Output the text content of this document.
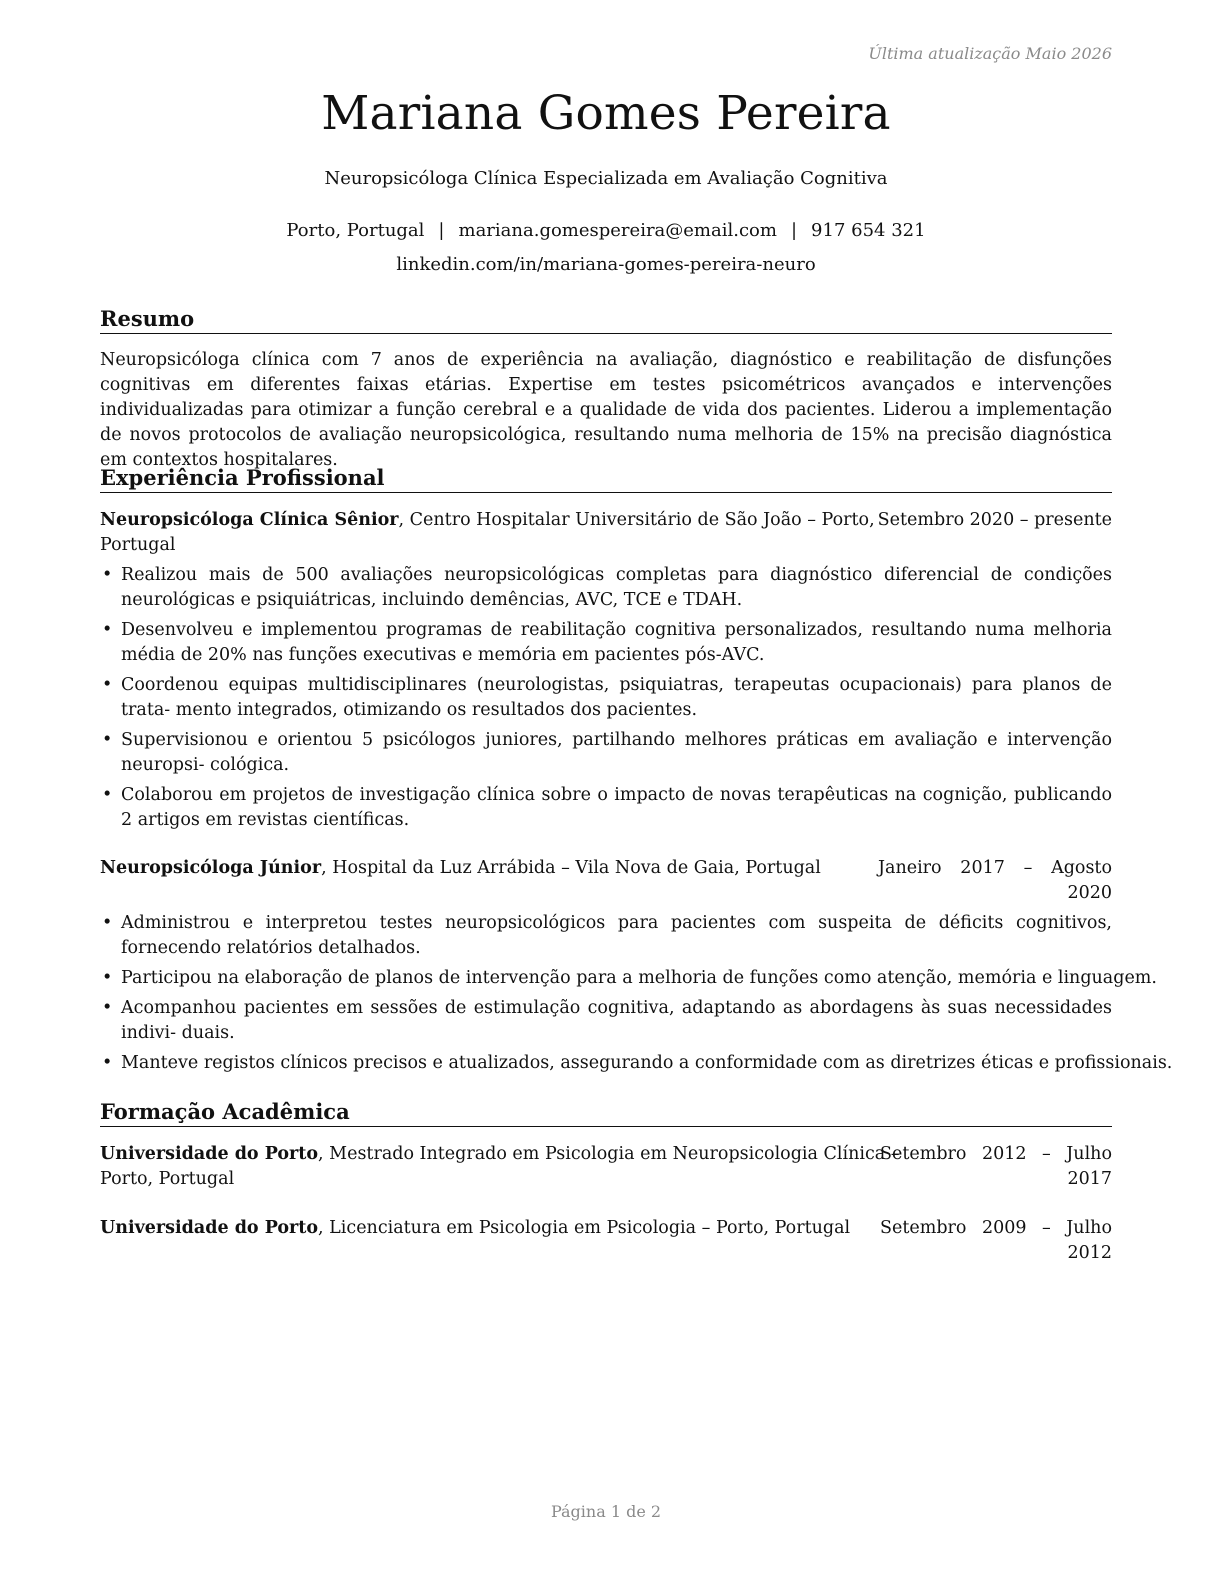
Última atualização Maio 2026
Mariana Gomes Pereira
Neuropsicóloga Clínica Especializada em Avaliação Cognitiva
Porto, Portugal | mariana.gomespereira@email.com | 917 654 321
linkedin.com/in/mariana-gomes-pereira-neuro
Resumo

Neuropsicóloga clínica com 7 anos de experiência na avaliação, diagnóstico e reabilitação de disfunções cognitivas em diferentes faixas etárias. Expertise em testes psicométricos avançados e intervenções individualizadas para otimizar a função cerebral e a qualidade de vida dos pacientes. Liderou a implementação de novos protocolos de avaliação neuropsicológica, resultando numa melhoria de 15% na precisão diagnóstica em contextos hospitalares.

Experiência Profissional
Neuropsicóloga Clínica Sênior, Centro Hospitalar Universitário de São João – Porto, Setembro 2020 – presente
Portugal
• Realizou mais de 500 avaliações neuropsicológicas completas para diagnóstico diferencial de condições neurológicas e psiquiátricas, incluindo demências, AVC, TCE e TDAH.
• Desenvolveu e implementou programas de reabilitação cognitiva personalizados, resultando numa melhoria média de 20% nas funções executivas e memória em pacientes pós-AVC.
• Coordenou equipas multidisciplinares (neurologistas, psiquiatras, terapeutas ocupacionais) para planos de trata- mento integrados, otimizando os resultados dos pacientes.
• Supervisionou e orientou 5 psicólogos juniores, partilhando melhores práticas em avaliação e intervenção neuropsi- cológica.
• Colaborou em projetos de investigação clínica sobre o impacto de novas terapêuticas na cognição, publicando 2 artigos em revistas científicas.
Neuropsicóloga Júnior, Hospital da Luz Arrábida – Vila Nova de Gaia, Portugal	Janeiro 2017 – Agosto
2020
• Administrou e interpretou testes neuropsicológicos para pacientes com suspeita de déficits cognitivos, fornecendo relatórios detalhados.
• Participou na elaboração de planos de intervenção para a melhoria de funções como atenção, memória e linguagem.
• Acompanhou pacientes em sessões de estimulação cognitiva, adaptando as abordagens às suas necessidades indivi- duais.
• Manteve registos clínicos precisos e atualizados, assegurando a conformidade com as diretrizes éticas e profissionais.
Formação Acadêmica
Universidade do Porto, Mestrado Integrado em Psicologia em Neuropsicologia Clínica –
Porto, Portugal
Setembro 2012 – Julho
2017
Universidade do Porto, Licenciatura em Psicologia em Psicologia – Porto, Portugal Setembro 2009 – Julho
2012
Página 1 de 2
